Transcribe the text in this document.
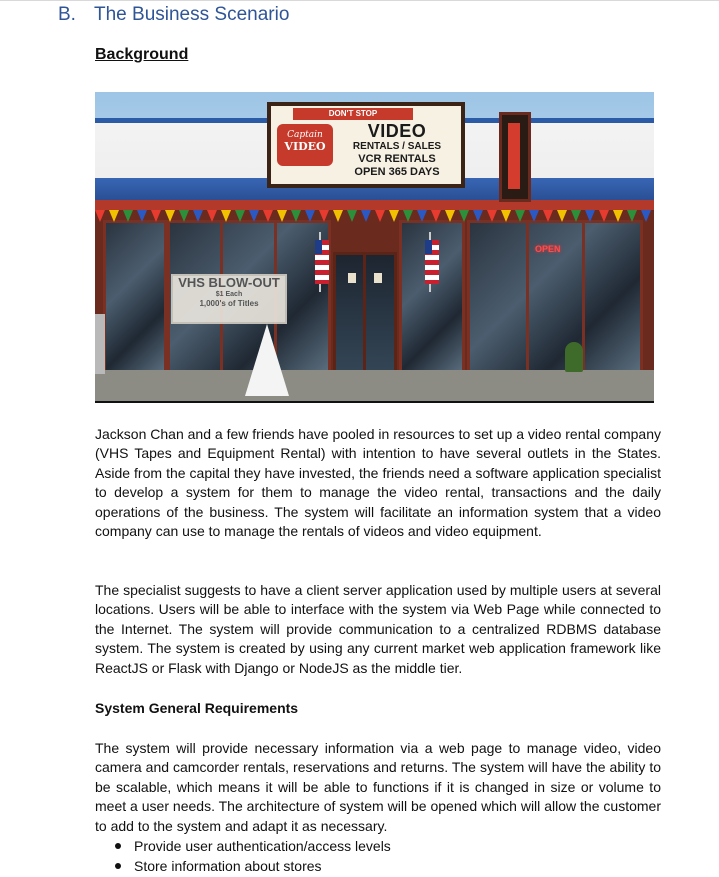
B. The Business Scenario
Background
DON'T STOP
Captain
VIDEO
VIDEO
RENTALS / SALES
VCR RENTALS
OPEN 365 DAYS
VHS BLOW-OUT
$1 Each
1,000's of Titles
OPEN

Jackson Chan and a few friends have pooled in resources to set up a video rental company (VHS Tapes and Equipment Rental) with intention to have several outlets in the States. Aside from the capital they have invested, the friends need a software application specialist to develop a system for them to manage the video rental, transactions and the daily operations of the business. The system will facilitate an information system that a video company can use to manage the rentals of videos and video equipment.

The specialist suggests to have a client server application used by multiple users at several locations. Users will be able to interface with the system via Web Page while connected to the Internet. The system will provide communication to a centralized RDBMS database system. The system is created by using any current market web application framework like ReactJS or Flask with Django or NodeJS as the middle tier.

System General Requirements

The system will provide necessary information via a web page to manage video, video camera and camcorder rentals, reservations and returns. The system will have the ability to be scalable, which means it will be able to functions if it is changed in size or volume to meet a user needs. The architecture of system will be opened which will allow the customer to add to the system and adapt it as necessary.

Provide user authentication/access levels
Store information about stores
